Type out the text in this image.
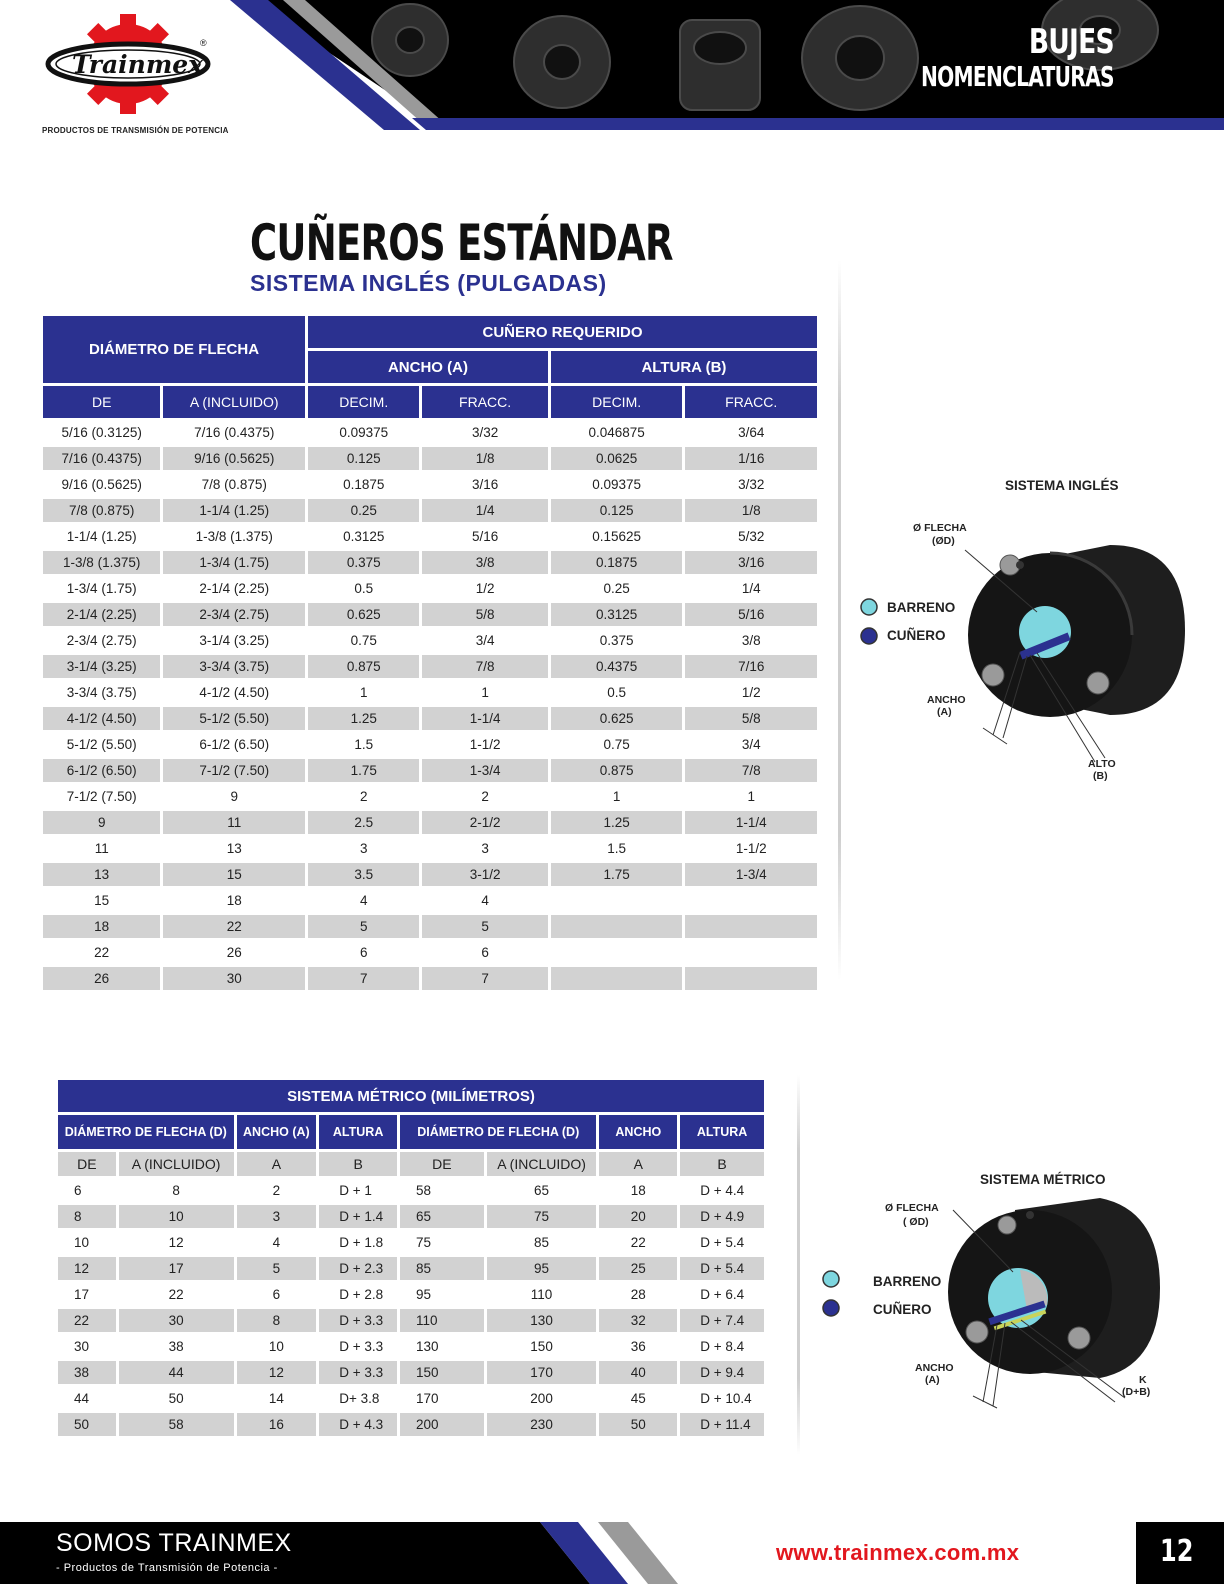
Trainmex
®
PRODUCTOS DE TRANSMISIÓN DE POTENCIA
BUJES
NOMENCLATURAS
CUÑEROS ESTÁNDAR
SISTEMA INGLÉS (PULGADAS)
DIÁMETRO DE FLECHA		CUÑERO REQUERIDO			
		ANCHO (A)		ALTURA (B)	
DE	A (INCLUIDO)	DECIM.	FRACC.	DECIM.	FRACC.
5/16 (0.3125)	7/16 (0.4375)	0.09375	3/32	0.046875	3/64
7/16 (0.4375)	9/16 (0.5625)	0.125	1/8	0.0625	1/16
9/16 (0.5625)	7/8 (0.875)	0.1875	3/16	0.09375	3/32
7/8 (0.875)	1-1/4 (1.25)	0.25	1/4	0.125	1/8
1-1/4 (1.25)	1-3/8 (1.375)	0.3125	5/16	0.15625	5/32
1-3/8 (1.375)	1-3/4 (1.75)	0.375	3/8	0.1875	3/16
1-3/4 (1.75)	2-1/4 (2.25)	0.5	1/2	0.25	1/4
2-1/4 (2.25)	2-3/4 (2.75)	0.625	5/8	0.3125	5/16
2-3/4 (2.75)	3-1/4 (3.25)	0.75	3/4	0.375	3/8
3-1/4 (3.25)	3-3/4 (3.75)	0.875	7/8	0.4375	7/16
3-3/4 (3.75)	4-1/2 (4.50)	1	1	0.5	1/2
4-1/2 (4.50)	5-1/2 (5.50)	1.25	1-1/4	0.625	5/8
5-1/2 (5.50)	6-1/2 (6.50)	1.5	1-1/2	0.75	3/4
6-1/2 (6.50)	7-1/2 (7.50)	1.75	1-3/4	0.875	7/8
7-1/2 (7.50)	9	2	2	1	1
9	11	2.5	2-1/2	1.25	1-1/4
11	13	3	3	1.5	1-1/2
13	15	3.5	3-1/2	1.75	1-3/4
15	18	4	4		
18	22	5	5		
22	26	6	6		
26	30	7	7		
SISTEMA INGLÉS
Ø FLECHA
(ØD)
BARRENO
CUÑERO
ANCHO
(A)
ALTO
(B)
SISTEMA MÉTRICO (MILÍMETROS)							
DIÁMETRO DE FLECHA (D)		ANCHO (A)	ALTURA	DIÁMETRO DE FLECHA (D)		ANCHO	ALTURA
DE	A (INCLUIDO)	A	B	DE	A (INCLUIDO)	A	B
6	8	2	D + 1	58	65	18	D + 4.4
8	10	3	D + 1.4	65	75	20	D + 4.9
10	12	4	D + 1.8	75	85	22	D + 5.4
12	17	5	D + 2.3	85	95	25	D + 5.4
17	22	6	D + 2.8	95	110	28	D + 6.4
22	30	8	D + 3.3	110	130	32	D + 7.4
30	38	10	D + 3.3	130	150	36	D + 8.4
38	44	12	D + 3.3	150	170	40	D + 9.4
44	50	14	D+ 3.8	170	200	45	D + 10.4
50	58	16	D + 4.3	200	230	50	D + 11.4
SISTEMA MÉTRICO
Ø FLECHA
( ØD)
BARRENO
CUÑERO
ANCHO
(A)	K
(D+B)
SOMOS TRAINMEX
- Productos de Transmisión de Potencia -
www.trainmex.com.mx	12
